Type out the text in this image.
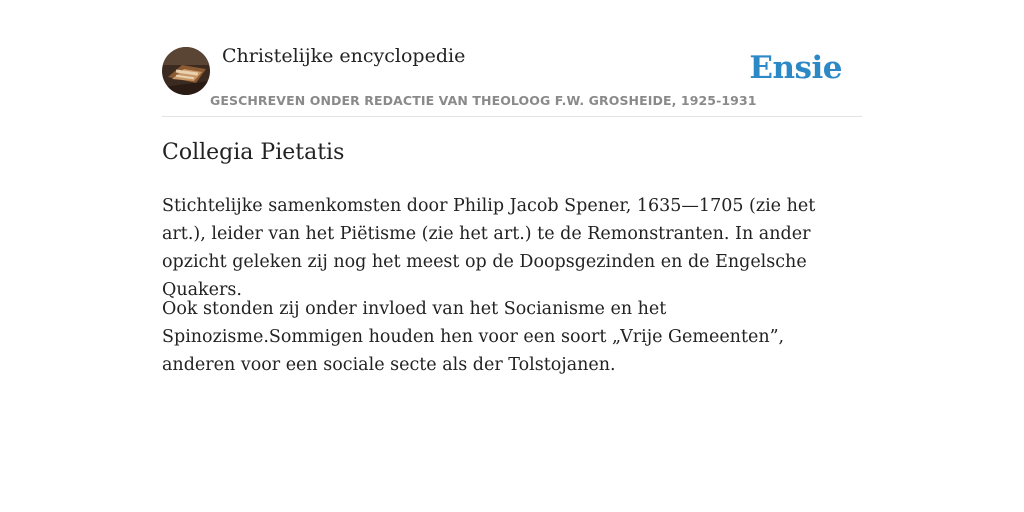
Christelijke encyclopedie
GESCHREVEN ONDER REDACTIE VAN THEOLOOG F.W. GROSHEIDE, 1925-1931
Ensie
Collegia Pietatis

Stichtelijke samenkomsten door Philip Jacob Spener, 1635—1705 (zie het art.), leider van het Piëtisme (zie het art.) te de Remonstranten. In ander opzicht geleken zij nog het meest op de Doopsgezinden en de Engelsche Quakers.

Ook stonden zij onder invloed van het Socianisme en het Spinozisme.Sommigen houden hen voor een soort „Vrije Gemeenten”, anderen voor een sociale secte als der Tolstojanen.
